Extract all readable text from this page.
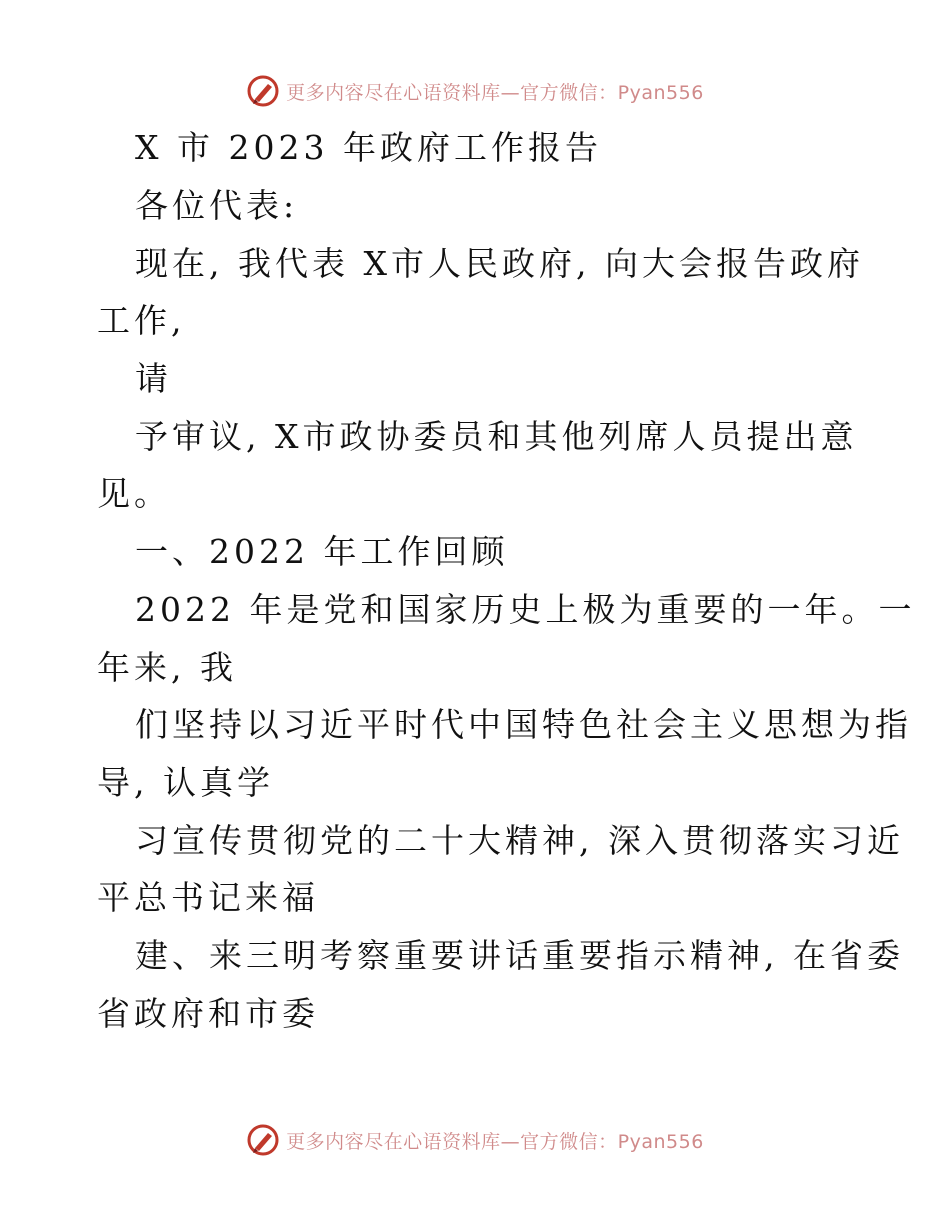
更多内容尽在心语资料库—官方微信：Pyan556
X 市 2023 年政府工作报告
各位代表:
现在, 我代表 X市人民政府, 向大会报告政府
工作,
请
予审议, X市政协委员和其他列席人员提出意
见。
一、2022 年工作回顾
2022 年是党和国家历史上极为重要的一年。一
年来, 我
们坚持以习近平时代中国特色社会主义思想为指
导, 认真学
习宣传贯彻党的二十大精神, 深入贯彻落实习近
平总书记来福
建、来三明考察重要讲话重要指示精神, 在省委
省政府和市委
更多内容尽在心语资料库—官方微信：Pyan556
